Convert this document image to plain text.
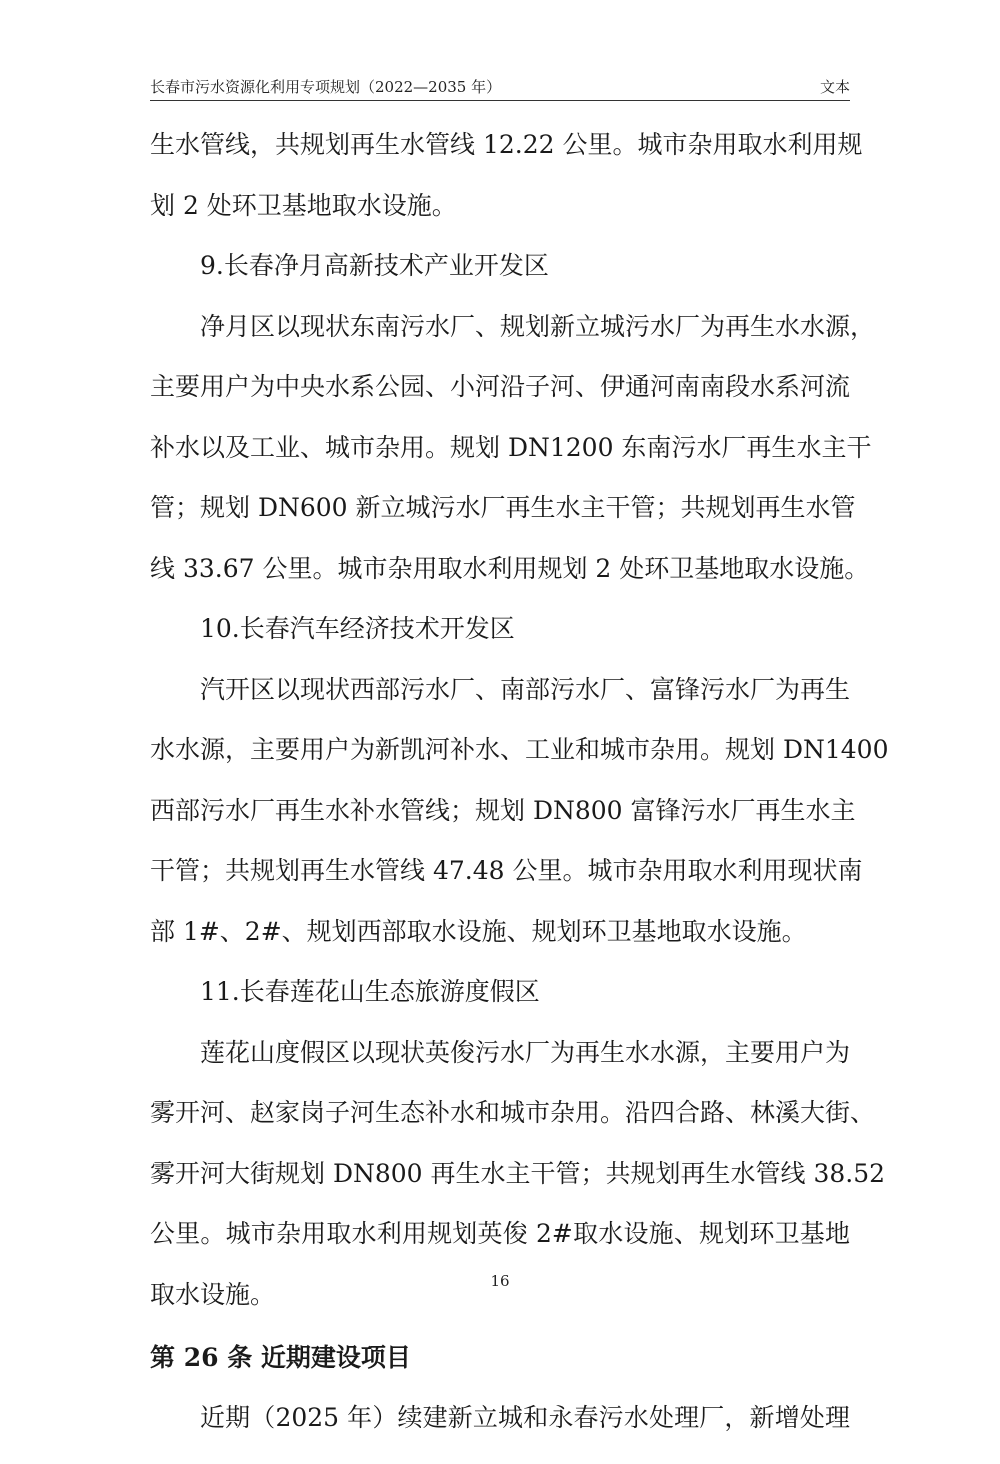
长春市污水资源化利用专项规划（2022—2035 年）	文本
生水管线，共规划再生水管线 12.22 公里。城市杂用取水利用规
划 2 处环卫基地取水设施。
9.长春净月高新技术产业开发区
净月区以现状东南污水厂、规划新立城污水厂为再生水水源，
主要用户为中央水系公园、小河沿子河、伊通河南南段水系河流
补水以及工业、城市杂用。规划 DN1200 东南污水厂再生水主干
管；规划 DN600 新立城污水厂再生水主干管；共规划再生水管
线 33.67 公里。城市杂用取水利用规划 2 处环卫基地取水设施。
10.长春汽车经济技术开发区
汽开区以现状西部污水厂、南部污水厂、富锋污水厂为再生
水水源，主要用户为新凯河补水、工业和城市杂用。规划 DN1400
西部污水厂再生水补水管线；规划 DN800 富锋污水厂再生水主
干管；共规划再生水管线 47.48 公里。城市杂用取水利用现状南
部 1#、2#、规划西部取水设施、规划环卫基地取水设施。
11.长春莲花山生态旅游度假区
莲花山度假区以现状英俊污水厂为再生水水源，主要用户为
雾开河、赵家岗子河生态补水和城市杂用。沿四合路、林溪大街、
雾开河大街规划 DN800 再生水主干管；共规划再生水管线 38.52
公里。城市杂用取水利用规划英俊 2#取水设施、规划环卫基地
取水设施。
第 26 条 近期建设项目
近期（2025 年）续建新立城和永春污水处理厂，新增处理
16
